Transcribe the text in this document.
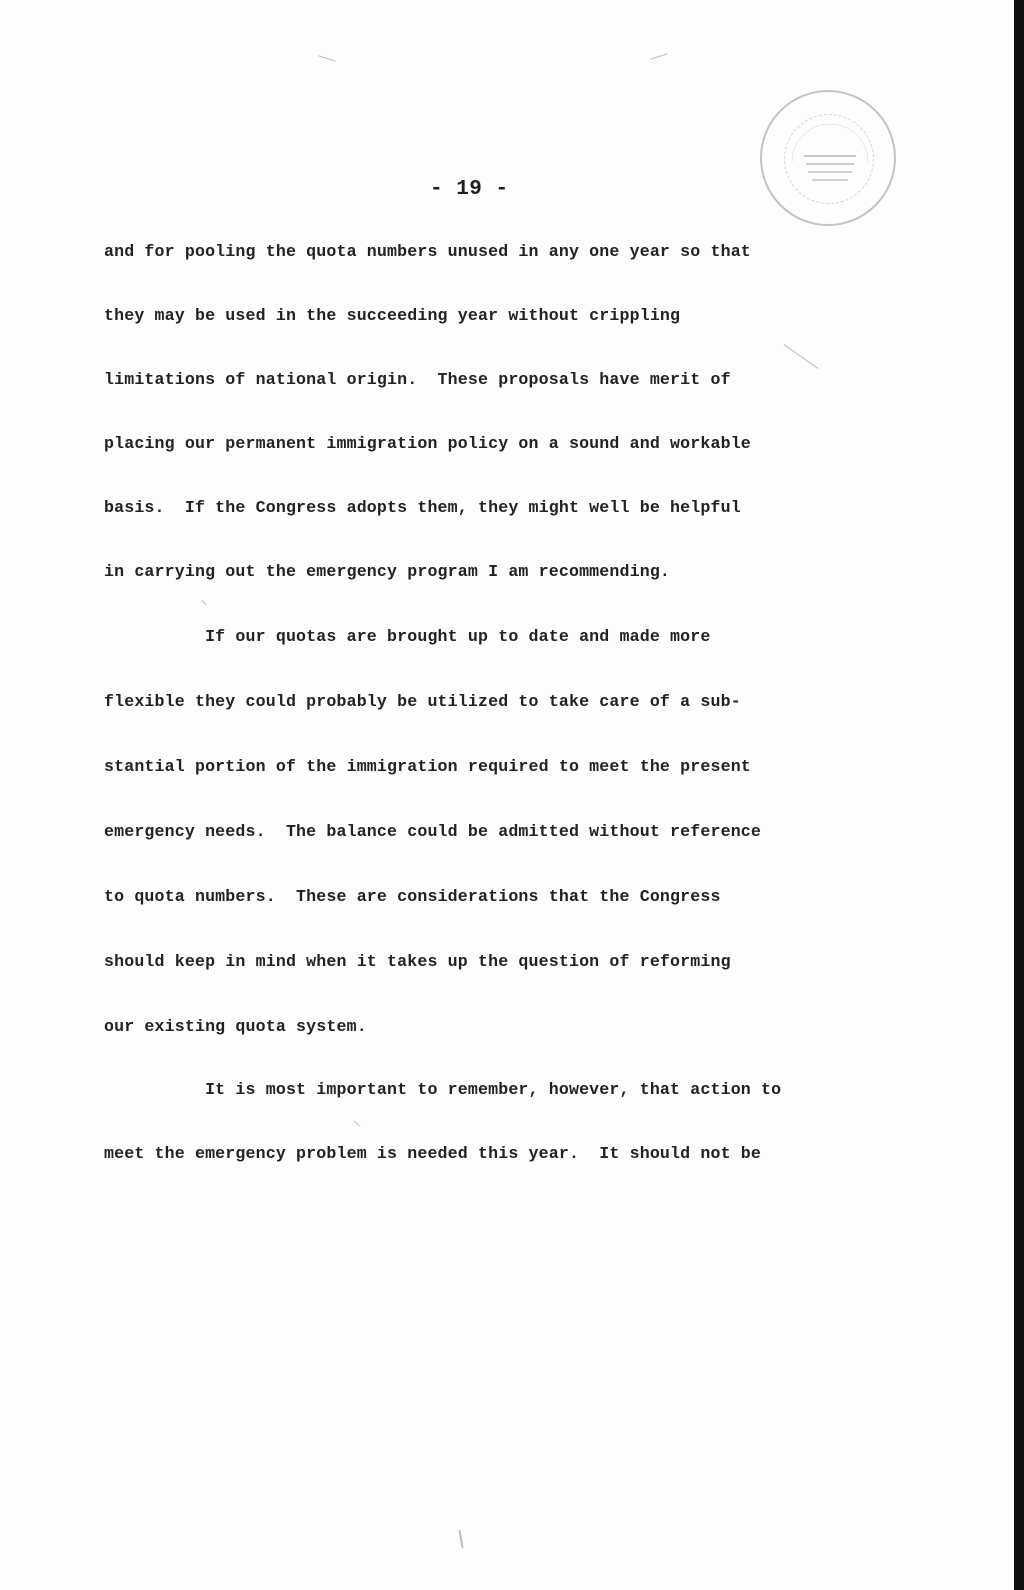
- 19 -
and for pooling the quota numbers unused in any one year so that
they may be used in the succeeding year without crippling
limitations of national origin.  These proposals have merit of
placing our permanent immigration policy on a sound and workable
basis.  If the Congress adopts them, they might well be helpful
in carrying out the emergency program I am recommending.
If our quotas are brought up to date and made more
flexible they could probably be utilized to take care of a sub-
stantial portion of the immigration required to meet the present
emergency needs.  The balance could be admitted without reference
to quota numbers.  These are considerations that the Congress
should keep in mind when it takes up the question of reforming
our existing quota system.
It is most important to remember, however, that action to
meet the emergency problem is needed this year.  It should not be
